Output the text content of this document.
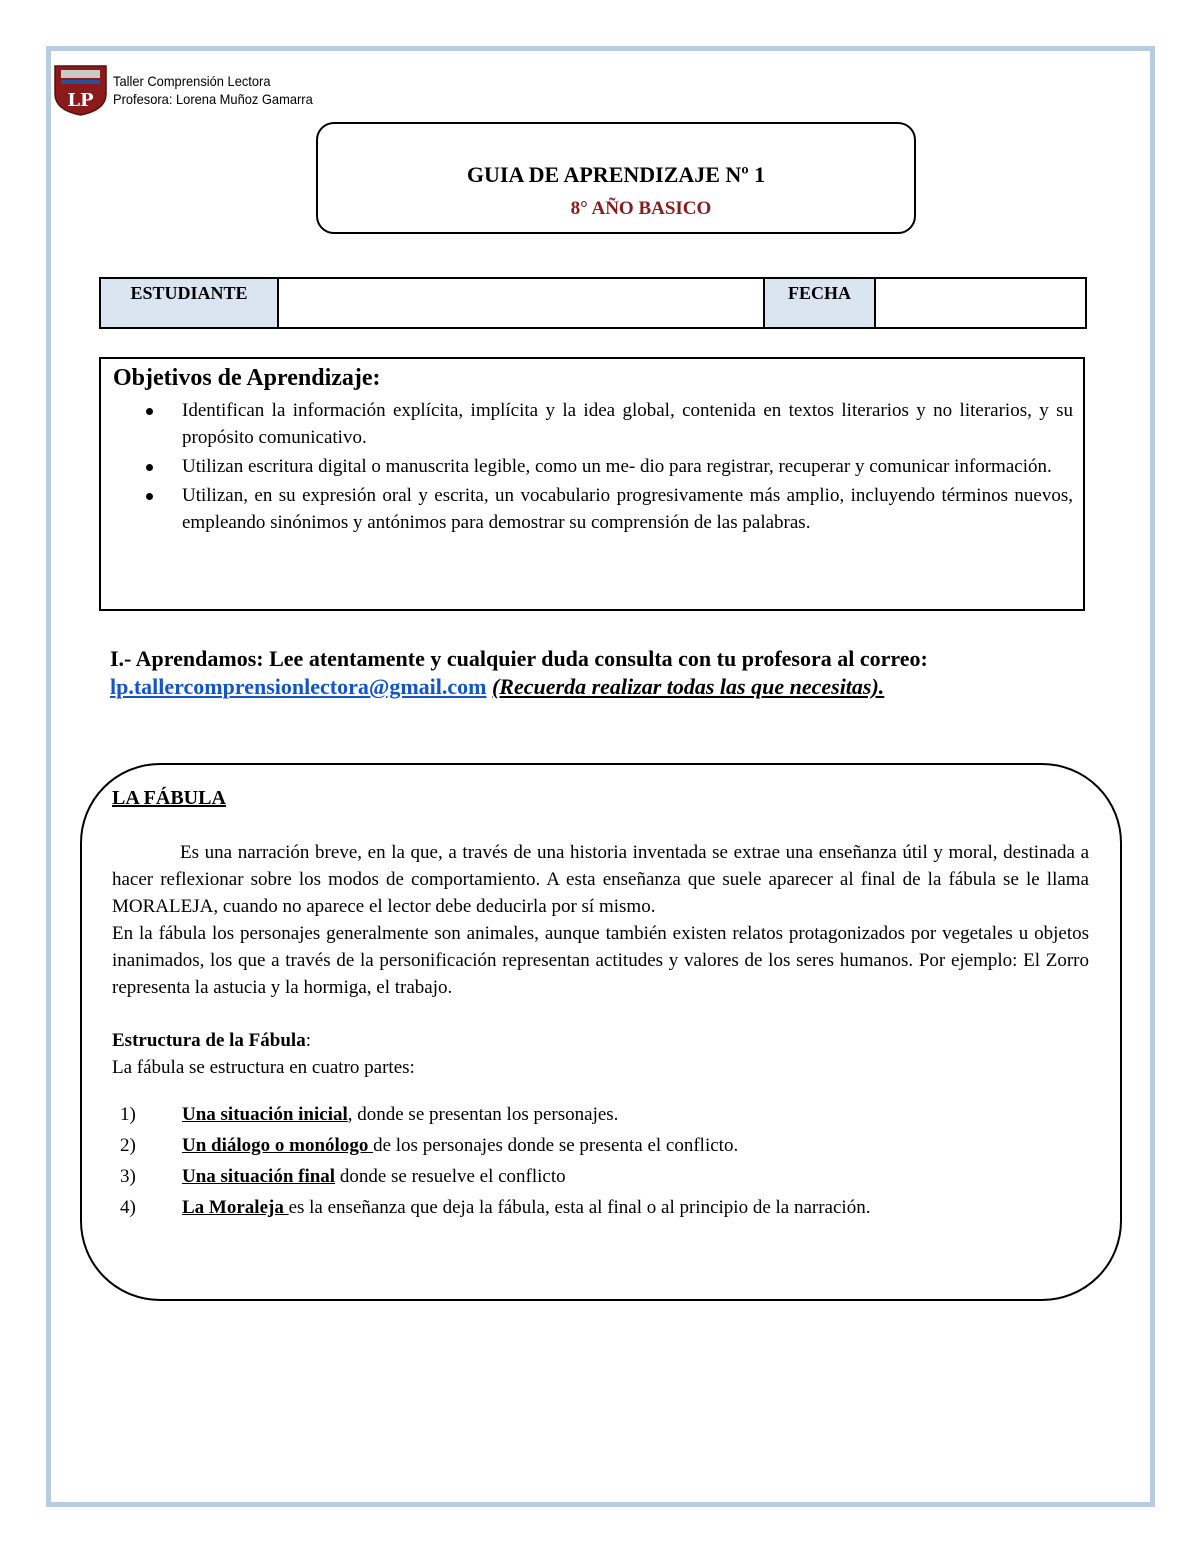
LP
Taller Comprensión Lectora
Profesora: Lorena Muñoz Gamarra
GUIA DE APRENDIZAJE Nº 1
8° AÑO BASICO
ESTUDIANTE		FECHA	
Objetivos de Aprendizaje:
Identifican la información explícita, implícita y la idea global, contenida en textos literarios y no literarios, y su propósito comunicativo.
Utilizan escritura digital o manuscrita legible, como un me- dio para registrar, recuperar y comunicar información.
Utilizan, en su expresión oral y escrita, un vocabulario progresivamente más amplio, incluyendo términos nuevos, empleando sinónimos y antónimos para demostrar su comprensión de las palabras.
I.- Aprendamos: Lee atentamente y cualquier duda consulta con tu profesora al correo:
lp.tallercomprensionlectora@gmail.com (Recuerda realizar todas las que necesitas).
LA FÁBULA

Es una narración breve, en la que, a través de una historia inventada se extrae una enseñanza útil y moral, destinada a hacer reflexionar sobre los modos de comportamiento. A esta enseñanza que suele aparecer al final de la fábula se le llama MORALEJA, cuando no aparece el lector debe deducirla por sí mismo.

En la fábula los personajes generalmente son animales, aunque también existen relatos protagonizados por vegetales u objetos inanimados, los que a través de la personificación representan actitudes y valores de los seres humanos. Por ejemplo: El Zorro representa la astucia y la hormiga, el trabajo.

Estructura de la Fábula:
La fábula se estructura en cuatro partes:
1) Una situación inicial, donde se presentan los personajes.
2) Un diálogo o monólogo de los personajes donde se presenta el conflicto.
3) Una situación final donde se resuelve el conflicto
4) La Moraleja es la enseñanza que deja la fábula, esta al final o al principio de la narración.
